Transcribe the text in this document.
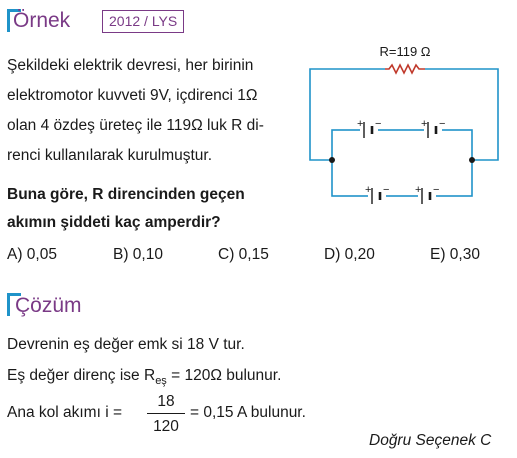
Örnek	2012 / LYS
Şekildeki elektrik devresi, her birinin
elektromotor kuvveti 9V, içdirenci 1Ω
olan 4 özdeş üreteç ile 119Ω luk R di-
renci kullanılarak kurulmuştur.
Buna göre, R direncinden geçen
akımın şiddeti kaç amperdir?
A) 0,05	B) 0,10	C) 0,15	D) 0,20	E) 0,30
R=119 Ω
+ −	+ −
+ − + −
Çözüm
Devrenin eş değer emk si 18 V tur.
Eş değer direnç ise $R_{eş} = 120\Omega$ bulunur.
Ana kol akımı i =
18
120
= 0,15 A bulunur.
Doğru Seçenek C
